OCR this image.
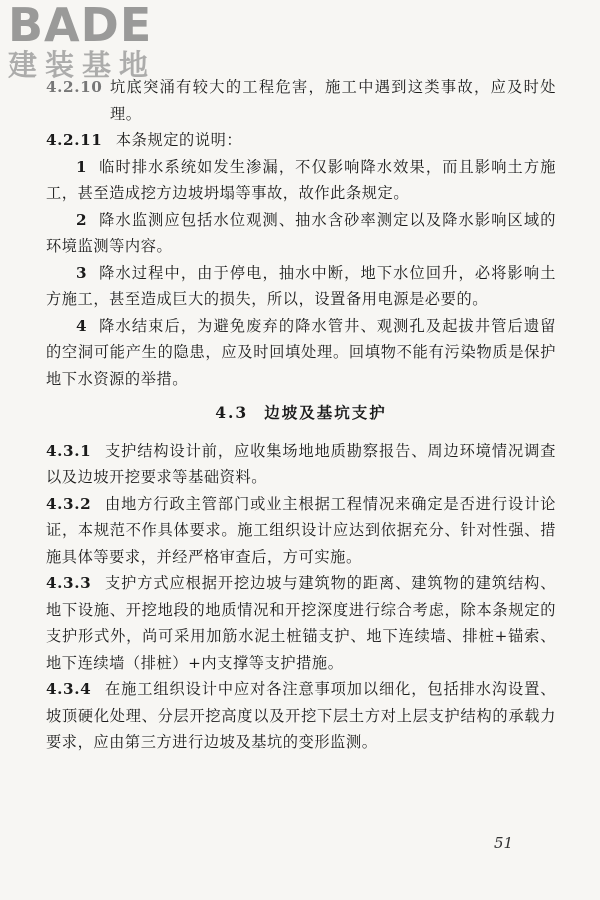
BADE
建装基地

4.2.10 坑底突涌有较大的工程危害，施工中遇到这类事故，应及时处理。

4.2.11 本条规定的说明：

1 临时排水系统如发生渗漏，不仅影响降水效果，而且影响土方施工，甚至造成挖方边坡坍塌等事故，故作此条规定。

2 降水监测应包括水位观测、抽水含砂率测定以及降水影响区域的环境监测等内容。

3 降水过程中，由于停电，抽水中断，地下水位回升，必将影响土方施工，甚至造成巨大的损失，所以，设置备用电源是必要的。

4 降水结束后，为避免废弃的降水管井、观测孔及起拔井管后遗留的空洞可能产生的隐患，应及时回填处理。回填物不能有污染物质是保护地下水资源的举措。

4.3 边坡及基坑支护

4.3.1 支护结构设计前，应收集场地地质勘察报告、周边环境情况调查以及边坡开挖要求等基础资料。

4.3.2 由地方行政主管部门或业主根据工程情况来确定是否进行设计论证，本规范不作具体要求。施工组织设计应达到依据充分、针对性强、措施具体等要求，并经严格审查后，方可实施。

4.3.3 支护方式应根据开挖边坡与建筑物的距离、建筑物的建筑结构、地下设施、开挖地段的地质情况和开挖深度进行综合考虑，除本条规定的支护形式外，尚可采用加筋水泥土桩锚支护、地下连续墙、排桩+锚索、地下连续墙（排桩）+内支撑等支护措施。

4.3.4 在施工组织设计中应对各注意事项加以细化，包括排水沟设置、坡顶硬化处理、分层开挖高度以及开挖下层土方对上层支护结构的承载力要求，应由第三方进行边坡及基坑的变形监测。

51
